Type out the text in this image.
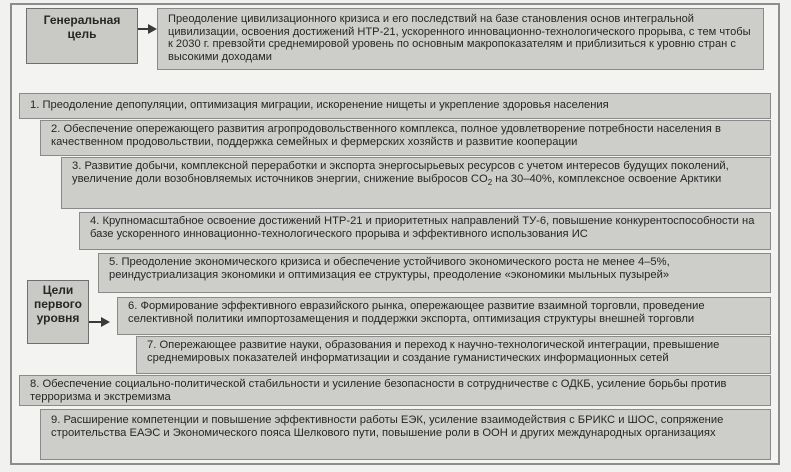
Генеральная
цель
Преодоление цивилизационного кризиса и его последствий на базе становления основ интегральной цивилизации, освоения достижений НТР-21, ускоренного инновационно-технологического прорыва, с тем чтобы к 2030 г. превзойти среднемировой уровень по основным макропоказателям и приблизиться к уровню стран с высокими доходами
1. Преодоление депопуляции, оптимизация миграции, искоренение нищеты и укрепление здоровья населения
2. Обеспечение опережающего развития агропродовольственного комплекса, полное удовлетворение потребности населения в качественном продовольствии, поддержка семейных и фермерских хозяйств и развитие кооперации
3. Развитие добычи, комплексной переработки и экспорта энергосырьевых ресурсов с учетом интересов будущих поколений, увеличение доли возобновляемых источников энергии, снижение выбросов $CO_2$ на 30–40%, комплексное освоение Арктики
4. Крупномасштабное освоение достижений НТР-21 и приоритетных направлений ТУ-6, повышение конкурентоспособности на базе ускоренного инновационно-технологического прорыва и эффективного использования ИС
5. Преодоление экономического кризиса и обеспечение устойчивого экономического роста не менее 4–5%, реиндустриализация экономики и оптимизация ее структуры, преодоление «экономики мыльных пузырей»
Цели
первого
уровня
6. Формирование эффективного евразийского рынка, опережающее развитие взаимной торговли, проведение селективной политики импортозамещения и поддержки экспорта, оптимизация структуры внешней торговли
7. Опережающее развитие науки, образования и переход к научно-технологической интеграции, превышение среднемировых показателей информатизации и создание гуманистических информационных сетей
8. Обеспечение социально-политической стабильности и усиление безопасности в сотрудничестве с ОДКБ, усиление борьбы против терроризма и экстремизма
9. Расширение компетенции и повышение эффективности работы ЕЭК, усиление взаимодействия с БРИКС и ШОС, сопряжение строительства ЕАЭС и Экономического пояса Шелкового пути, повышение роли в ООН и других международных организациях
